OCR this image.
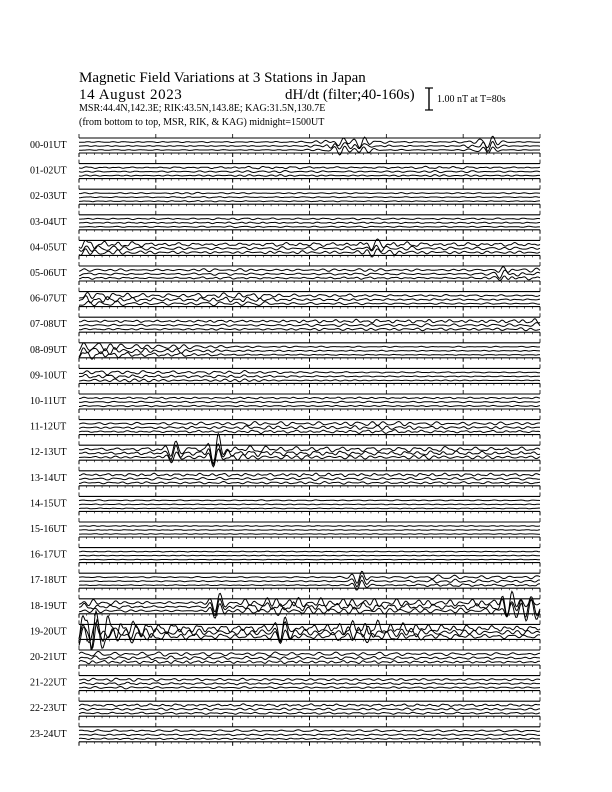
Magnetic Field Variations at 3 Stations in Japan
14 August 2023	dH/dt (filter;40-160s)
MSR:44.4N,142.3E; RIK:43.5N,143.8E; KAG:31.5N,130.7E
(from bottom to top, MSR, RIK, & KAG) midnight=1500UT
1.00 nT at T=80s
00-01UT
01-02UT
02-03UT
03-04UT
04-05UT
05-06UT
06-07UT
07-08UT
08-09UT
09-10UT
10-11UT
11-12UT
12-13UT
13-14UT
14-15UT
15-16UT
16-17UT
17-18UT
18-19UT
19-20UT
20-21UT
21-22UT
22-23UT
23-24UT
